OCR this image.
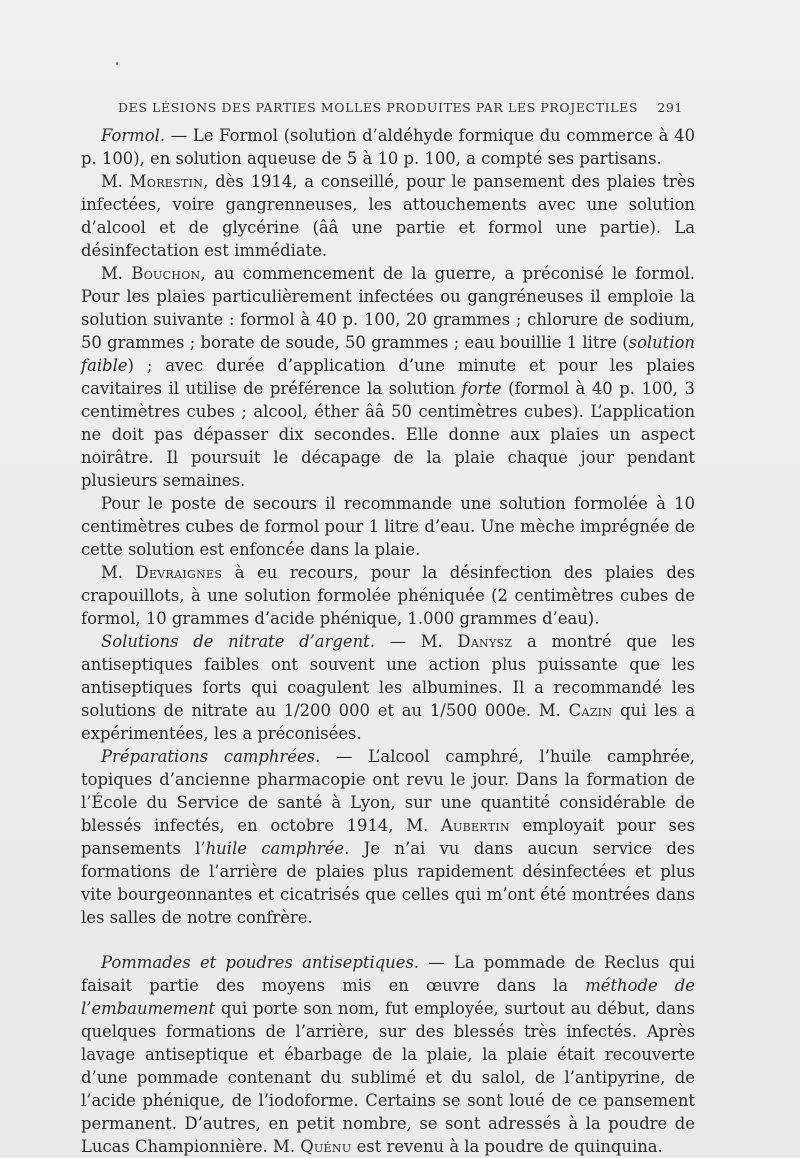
DES LÉSIONS DES PARTIES MOLLES PRODUITES PAR LES PROJECTILES 291

Formol. — Le Formol (solution d’aldéhyde formique du commerce à 40 p. 100), en solution aqueuse de 5 à 10 p. 100, a compté ses partisans.

M. Morestin, dès 1914, a conseillé, pour le pansement des plaies très infectées, voire gangrenneuses, les attouchements avec une solution d’alcool et de glycérine (ââ une partie et formol une partie). La désinfectation est immédiate.

M. Bouchon, au commencement de la guerre, a préconisé le formol. Pour les plaies particulièrement infectées ou gangréneuses il emploie la solution suivante : formol à 40 p. 100, 20 grammes ; chlorure de sodium, 50 grammes ; borate de soude, 50 grammes ; eau bouillie 1 litre (solution faible) ; avec durée d’application d’une minute et pour les plaies cavitaires il utilise de préférence la solution forte (formol à 40 p. 100, 3 centimètres cubes ; alcool, éther ââ 50 centimètres cubes). L’application ne doit pas dépasser dix secondes. Elle donne aux plaies un aspect noirâtre. Il poursuit le décapage de la plaie chaque jour pendant plusieurs semaines.

Pour le poste de secours il recommande une solution formolée à 10 centimètres cubes de formol pour 1 litre d’eau. Une mèche imprégnée de cette solution est enfoncée dans la plaie.

M. Devraignes à eu recours, pour la désinfection des plaies des crapouillots, à une solution formolée phéniquée (2 centimètres cubes de formol, 10 grammes d’acide phénique, 1.000 grammes d’eau).

Solutions de nitrate d’argent. — M. Danysz a montré que les antiseptiques faibles ont souvent une action plus puissante que les antiseptiques forts qui coagulent les albumines. Il a recommandé les solutions de nitrate au 1/200 000 et au 1/500 000e. M. Cazin qui les a expérimentées, les a préconisées.

Préparations camphrées. — L’alcool camphré, l’huile camphrée, topiques d’ancienne pharmacopie ont revu le jour. Dans la formation de l’École du Service de santé à Lyon, sur une quantité considérable de blessés infectés, en octobre 1914, M. Aubertin employait pour ses pansements l’huile camphrée. Je n’ai vu dans aucun service des formations de l’arrière de plaies plus rapidement désinfectées et plus vite bourgeonnantes et cicatrisés que celles qui m’ont été montrées dans les salles de notre confrère.

Pommades et poudres antiseptiques. — La pommade de Reclus qui faisait partie des moyens mis en œuvre dans la méthode de l’embaumement qui porte son nom, fut employée, surtout au début, dans quelques formations de l’arrière, sur des blessés très infectés. Après lavage antiseptique et ébarbage de la plaie, la plaie était recouverte d’une pommade contenant du sublimé et du salol, de l’antipyrine, de l’acide phénique, de l’iodoforme. Certains se sont loué de ce pansement permanent. D’autres, en petit nombre, se sont adressés à la poudre de Lucas Championnière. M. Quénu est revenu à la poudre de quinquina.
